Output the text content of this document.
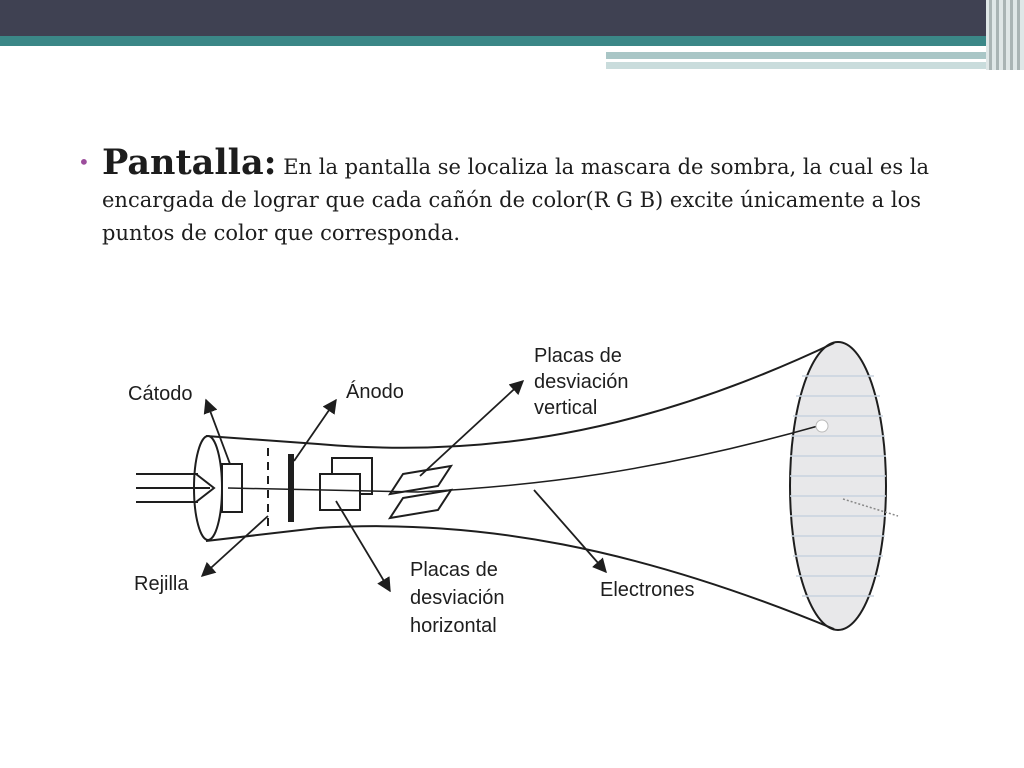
• Pantalla: En la pantalla se localiza la mascara de sombra, la cual es la encargada de lograr que cada cañón de color(R G B) excite únicamente a los puntos de color que corresponda.
Cátodo	Ánodo
Placas de
desviación
vertical
Rejilla
Placas de
desviación
horizontal
Electrones
